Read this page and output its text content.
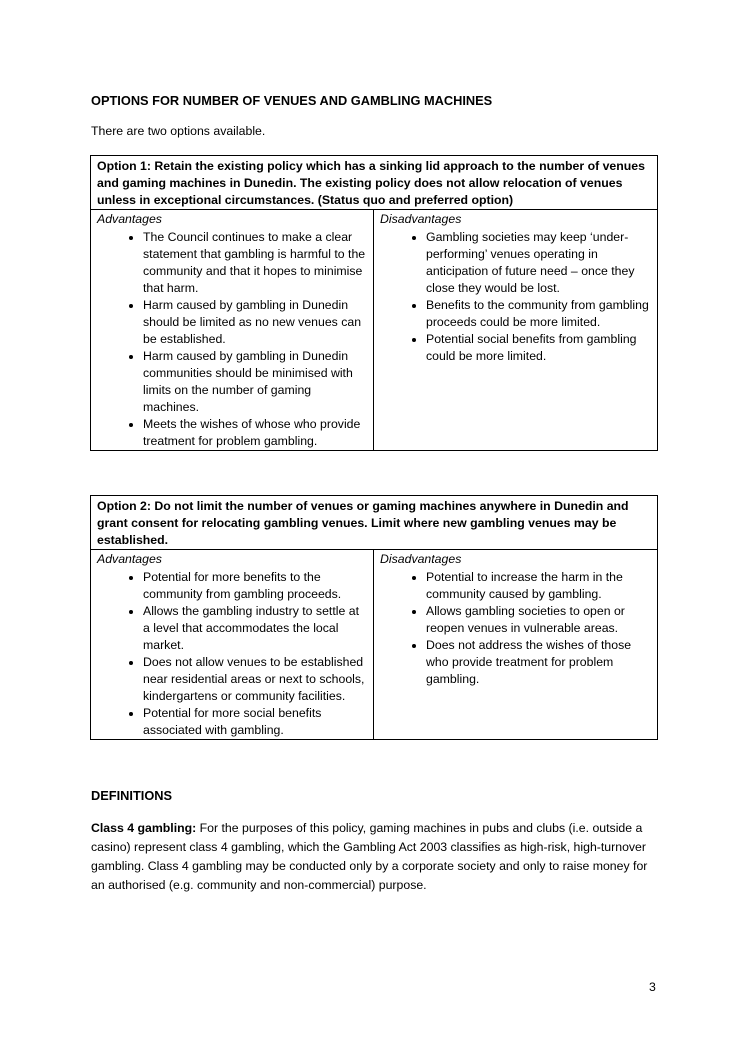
OPTIONS FOR NUMBER OF VENUES AND GAMBLING MACHINES

There are two options available.

Option 1: Retain the existing policy which has a sinking lid approach to the number of venues and gaming machines in Dunedin. The existing policy does not allow relocation of venues unless in exceptional circumstances. (Status quo and preferred option)

Advantages
• The Council continues to make a clear statement that gambling is harmful to the community and that it hopes to minimise that harm.
• Harm caused by gambling in Dunedin should be limited as no new venues can be established.
• Harm caused by gambling in Dunedin communities should be minimised with limits on the number of gaming machines.
• Meets the wishes of whose who provide treatment for problem gambling.

Disadvantages
• Gambling societies may keep ‘under-performing’ venues operating in anticipation of future need – once they close they would be lost.
• Benefits to the community from gambling proceeds could be more limited.
• Potential social benefits from gambling could be more limited.
Option 2: Do not limit the number of venues or gaming machines anywhere in Dunedin and grant consent for relocating gambling venues. Limit where new gambling venues may be established.

Advantages
• Potential for more benefits to the community from gambling proceeds.
• Allows the gambling industry to settle at a level that accommodates the local market.
• Does not allow venues to be established near residential areas or next to schools, kindergartens or community facilities.
• Potential for more social benefits associated with gambling.

Disadvantages
• Potential to increase the harm in the community caused by gambling.
• Allows gambling societies to open or reopen venues in vulnerable areas.
• Does not address the wishes of those who provide treatment for problem gambling.
DEFINITIONS

Class 4 gambling: For the purposes of this policy, gaming machines in pubs and clubs (i.e. outside a casino) represent class 4 gambling, which the Gambling Act 2003 classifies as high-risk, high-turnover gambling. Class 4 gambling may be conducted only by a corporate society and only to raise money for an authorised (e.g. community and non-commercial) purpose.

3
